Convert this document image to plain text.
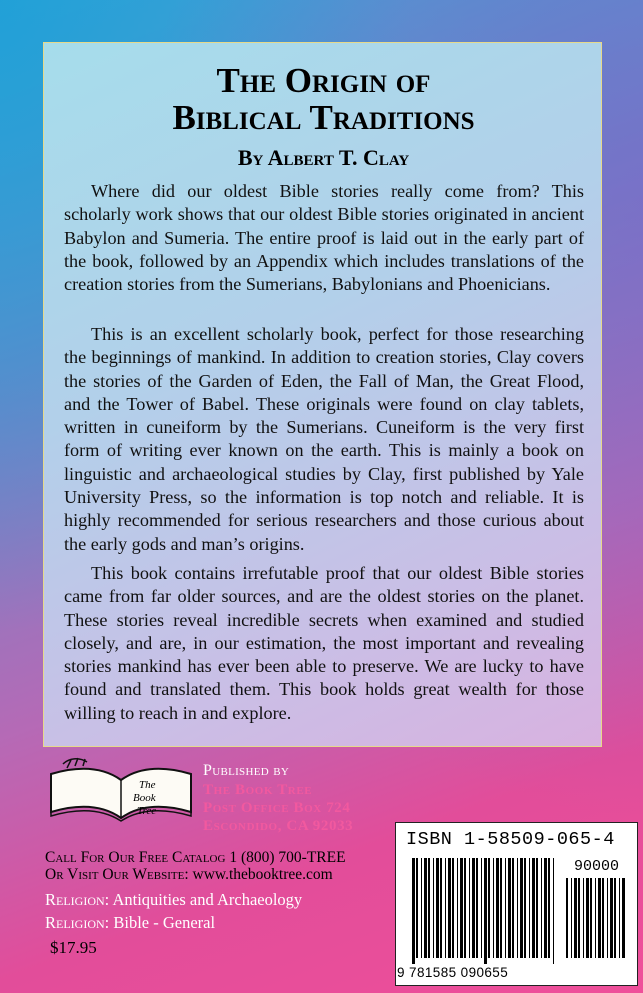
The Origin of
Biblical Traditions
By Albert T. Clay

Where did our oldest Bible stories really come from? This scholarly work shows that our oldest Bible stories originated in ancient Babylon and Sumeria. The entire proof is laid out in the early part of the book, followed by an Appendix which includes translations of the creation stories from the Sumerians, Babylonians and Phoenicians.

This is an excellent scholarly book, perfect for those researching the beginnings of mankind. In addition to creation stories, Clay covers the stories of the Garden of Eden, the Fall of Man, the Great Flood, and the Tower of Babel. These originals were found on clay tablets, written in cuneiform by the Sumerians. Cuneiform is the very first form of writing ever known on the earth. This is mainly a book on linguistic and archaeological studies by Clay, first published by Yale University Press, so the information is top notch and reliable. It is highly recommended for serious researchers and those curious about the early gods and man’s origins.

This book contains irrefutable proof that our oldest Bible stories came from far older sources, and are the oldest stories on the planet. These stories reveal incredible secrets when examined and studied closely, and are, in our estimation, the most important and revealing stories mankind has ever been able to preserve. We are lucky to have found and translated them. This book holds great wealth for those willing to reach in and explore.

The
Book
Tree
Published by
The Book Tree
Post Office Box 724
Escondido, CA 92033
Call For Our Free Catalog 1 (800) 700-TREE
Or Visit Our Website: www.thebooktree.com
Religion: Antiquities and Archaeology
Religion: Bible - General
$17.95
ISBN 1-58509-065-4
90000
9 781585 090655
